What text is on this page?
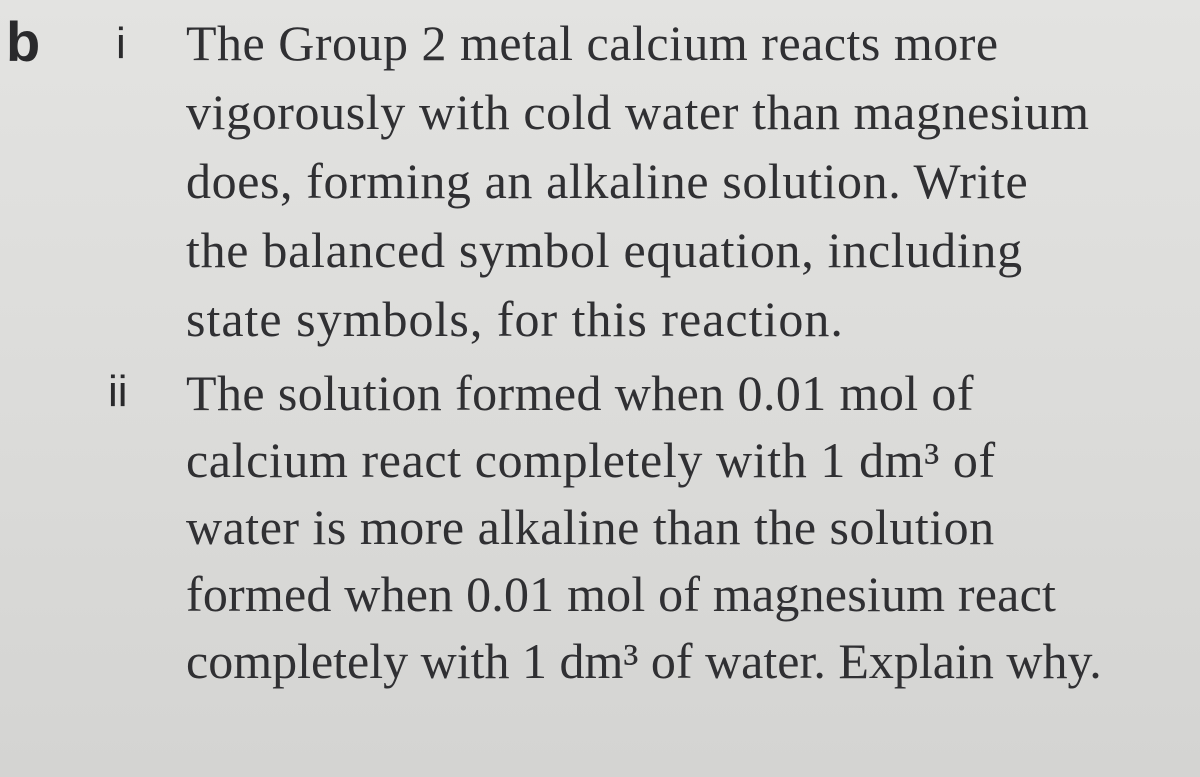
b i The Group 2 metal calcium reacts more
vigorously with cold water than magnesium
does, forming an alkaline solution. Write
the balanced symbol equation, including
state symbols, for this reaction.

ii The solution formed when 0.01 mol of
calcium react completely with 1 dm³ of
water is more alkaline than the solution
formed when 0.01 mol of magnesium react
completely with 1 dm³ of water. Explain why.
